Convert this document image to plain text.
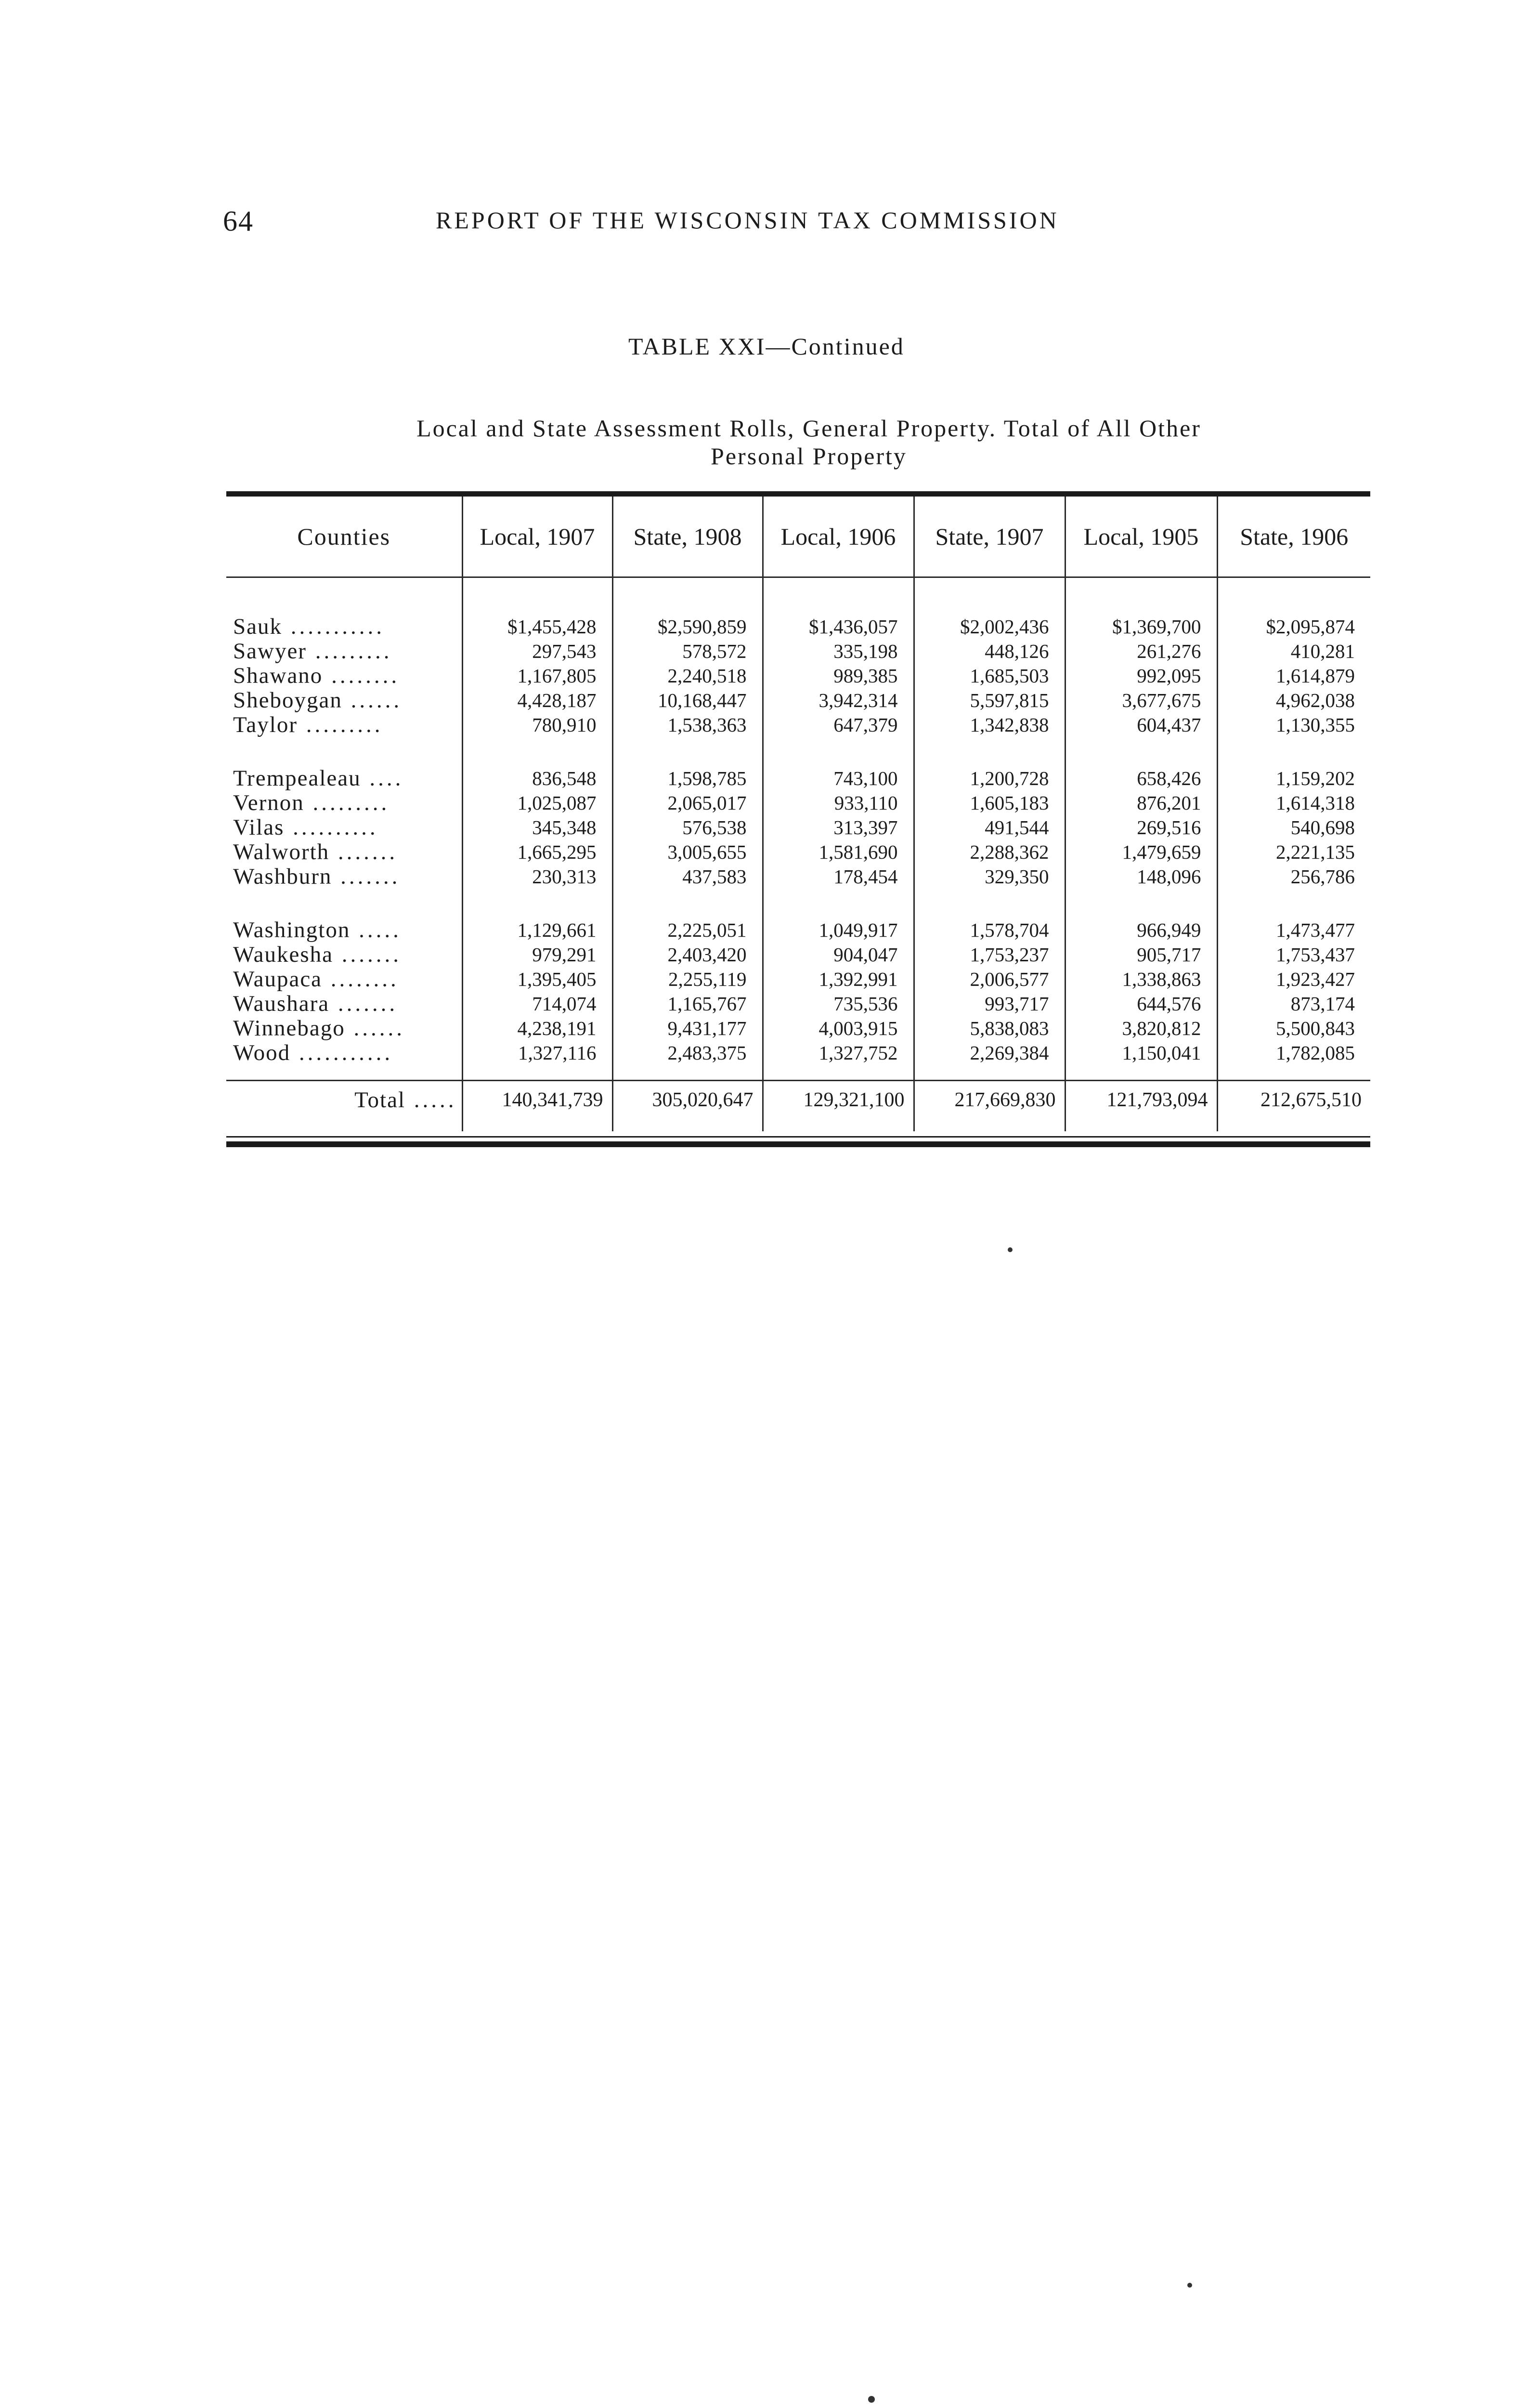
64	REPORT OF THE WISCONSIN TAX COMMISSION
TABLE XXI—Continued
Local and State Assessment Rolls, General Property. Total of All Other
Personal Property
Counties	Local, 1907	State, 1908	Local, 1906	State, 1907	Local, 1905	State, 1906

Sauk ...........	$1,455,428	$2,590,859	$1,436,057	$2,002,436	$1,369,700	$2,095,874
Sawyer .........	297,543	578,572	335,198	448,126	261,276	410,281
Shawano ........	1,167,805	2,240,518	989,385	1,685,503	992,095	1,614,879
Sheboygan ......	4,428,187	10,168,447	3,942,314	5,597,815	3,677,675	4,962,038
Taylor .........	780,910	1,538,363	647,379	1,342,838	604,437	1,130,355

Trempealeau ....	836,548	1,598,785	743,100	1,200,728	658,426	1,159,202
Vernon .........	1,025,087	2,065,017	933,110	1,605,183	876,201	1,614,318
Vilas ..........	345,348	576,538	313,397	491,544	269,516	540,698
Walworth .......	1,665,295	3,005,655	1,581,690	2,288,362	1,479,659	2,221,135
Washburn .......	230,313	437,583	178,454	329,350	148,096	256,786

Washington .....	1,129,661	2,225,051	1,049,917	1,578,704	966,949	1,473,477
Waukesha .......	979,291	2,403,420	904,047	1,753,237	905,717	1,753,437
Waupaca ........	1,395,405	2,255,119	1,392,991	2,006,577	1,338,863	1,923,427
Waushara .......	714,074	1,165,767	735,536	993,717	644,576	873,174
Winnebago ......	4,238,191	9,431,177	4,003,915	5,838,083	3,820,812	5,500,843
Wood ...........	1,327,116	2,483,375	1,327,752	2,269,384	1,150,041	1,782,085

Total .....	140,341,739	305,020,647	129,321,100	217,669,830	121,793,094	212,675,510
